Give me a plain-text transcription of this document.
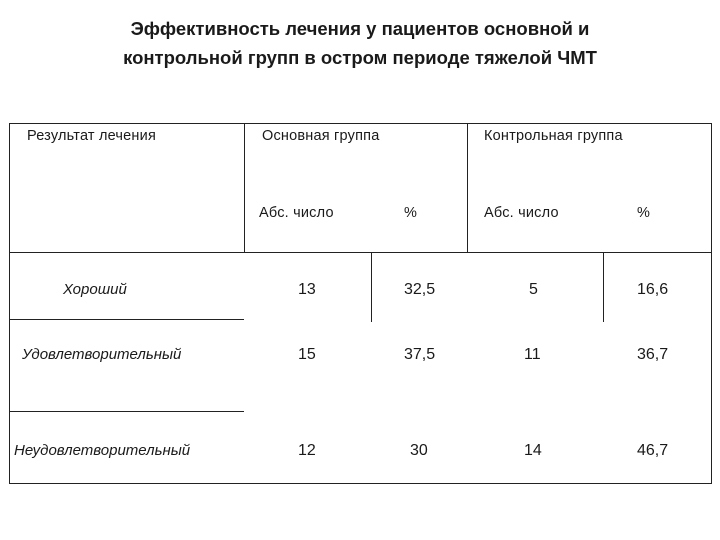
Эффективность лечения у пациентов основной и
контрольной групп в остром периоде тяжелой ЧМТ
Результат лечения	Основная группа	Контрольная группа
Абс. число	%	Абс. число	%
Хороший	13	32,5	5	16,6
Удовлетворительный	15	37,5	11	36,7
Неудовлетворительный	12	30	14	46,7
